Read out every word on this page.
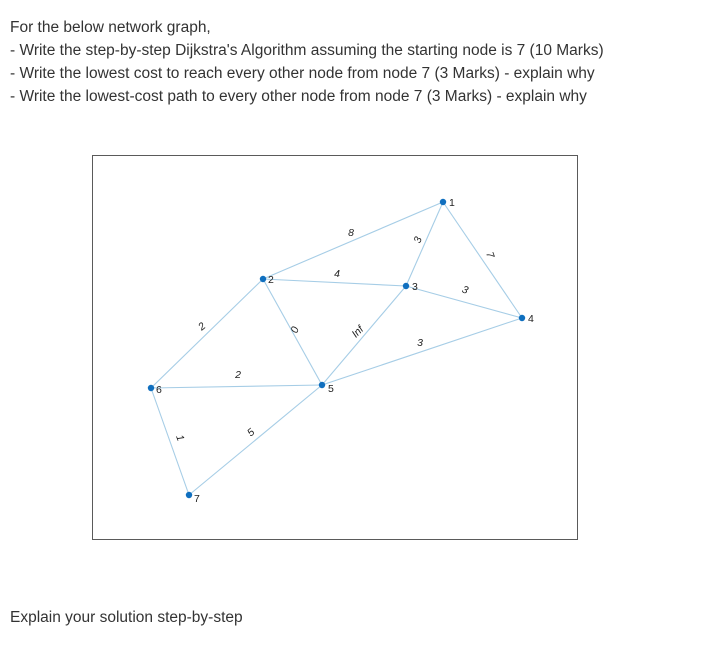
For the below network graph,
- Write the step-by-step Dijkstra's Algorithm assuming the starting node is 7 (10 Marks)
- Write the lowest cost to reach every other node from node 7 (3 Marks) - explain why
- Write the lowest-cost path to every other node from node 7 (3 Marks) - explain why
8
3
7
4
3
2	0	Inf
3
2
1	5
1
2
3
4
5
6
7
Explain your solution step-by-step
